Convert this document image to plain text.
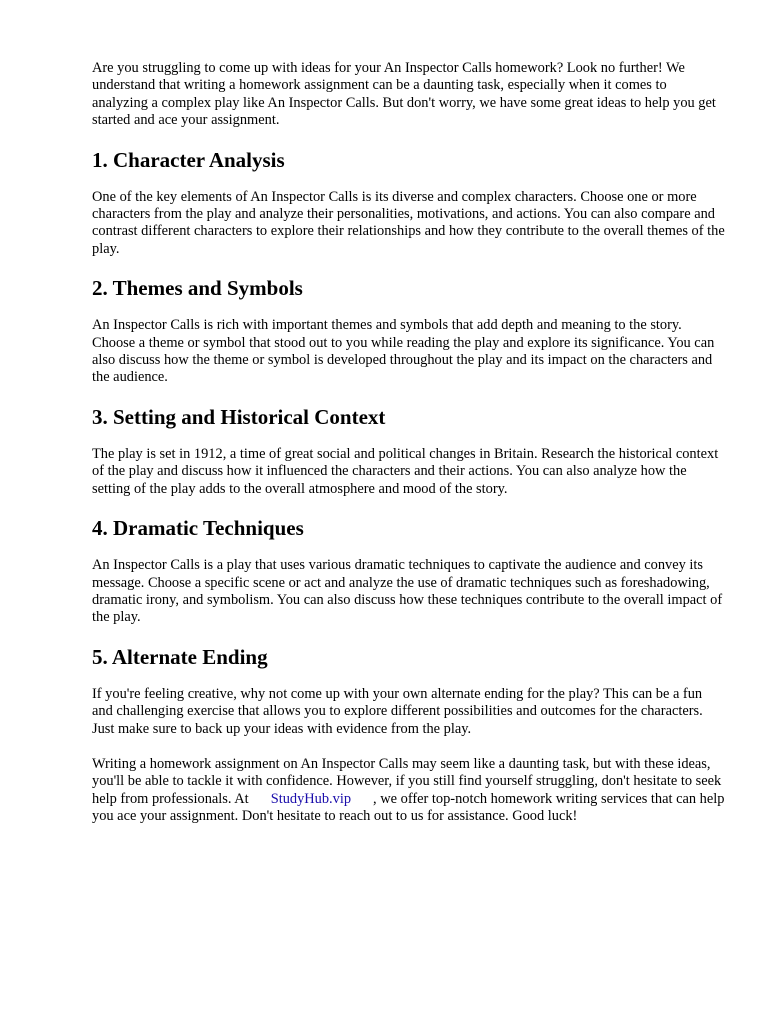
Are you struggling to come up with ideas for your An Inspector Calls homework? Look no further! We understand that writing a homework assignment can be a daunting task, especially when it comes to analyzing a complex play like An Inspector Calls. But don't worry, we have some great ideas to help you get started and ace your assignment.

1. Character Analysis

One of the key elements of An Inspector Calls is its diverse and complex characters. Choose one or more characters from the play and analyze their personalities, motivations, and actions. You can also compare and contrast different characters to explore their relationships and how they contribute to the overall themes of the play.

2. Themes and Symbols

An Inspector Calls is rich with important themes and symbols that add depth and meaning to the story. Choose a theme or symbol that stood out to you while reading the play and explore its significance. You can also discuss how the theme or symbol is developed throughout the play and its impact on the characters and the audience.

3. Setting and Historical Context

The play is set in 1912, a time of great social and political changes in Britain. Research the historical context of the play and discuss how it influenced the characters and their actions. You can also analyze how the setting of the play adds to the overall atmosphere and mood of the story.

4. Dramatic Techniques

An Inspector Calls is a play that uses various dramatic techniques to captivate the audience and convey its message. Choose a specific scene or act and analyze the use of dramatic techniques such as foreshadowing, dramatic irony, and symbolism. You can also discuss how these techniques contribute to the overall impact of the play.

5. Alternate Ending

If you're feeling creative, why not come up with your own alternate ending for the play? This can be a fun and challenging exercise that allows you to explore different possibilities and outcomes for the characters. Just make sure to back up your ideas with evidence from the play.

Writing a homework assignment on An Inspector Calls may seem like a daunting task, but with these ideas, you'll be able to tackle it with confidence. However, if you still find yourself struggling, don't hesitate to seek help from professionals. At StudyHub.vip , we offer top-notch homework writing services that can help you ace your assignment. Don't hesitate to reach out to us for assistance. Good luck!
